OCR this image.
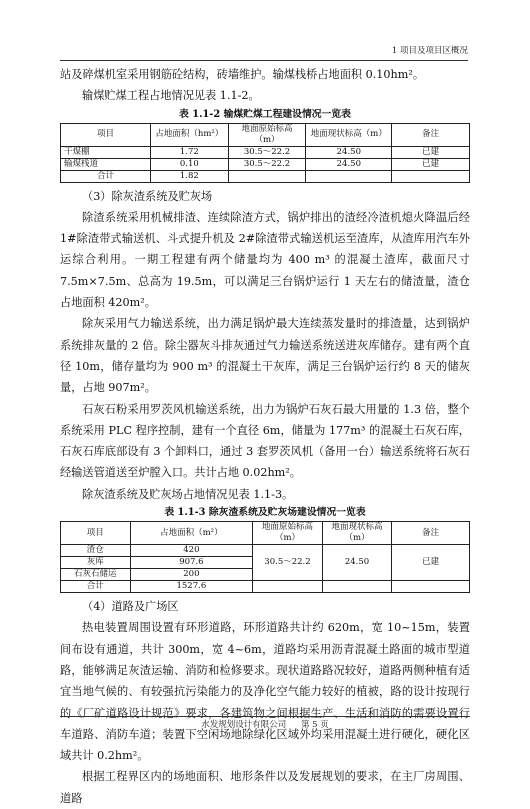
1 项目及项目区概况

站及碎煤机室采用钢筋砼结构，砖墙维护。输煤栈桥占地面积 0.10hm²。

输煤贮煤工程占地情况见表 1.1-2。

表 1.1-2 输煤贮煤工程建设情况一览表
项目	占地面积（hm²）	地面原始标高（m）	地面现状标高（m）	备注
干煤棚	1.72	30.5～22.2	24.50	已建
输煤栈道	0.10	30.5～22.2	24.50	已建
合计	1.82			

（3）除灰渣系统及贮灰场

除渣系统采用机械排渣、连续除渣方式，锅炉排出的渣经冷渣机熄火降温后经 1#除渣带式输送机、斗式提升机及 2#除渣带式输送机运至渣库，从渣库用汽车外运综合利用。一期工程建有两个储量均为 400 m³ 的混凝土渣库，截面尺寸 7.5m×7.5m、总高为 19.5m，可以满足三台锅炉运行 1 天左右的储渣量，渣仓占地面积 420m²。

除灰采用气力输送系统，出力满足锅炉最大连续蒸发量时的排渣量，达到锅炉系统排灰量的 2 倍。除尘器灰斗排灰通过气力输送系统送进灰库储存。建有两个直径 10m，储存量均为 900 m³ 的混凝土干灰库，满足三台锅炉运行约 8 天的储灰量，占地 907m²。

石灰石粉采用罗茨风机输送系统，出力为锅炉石灰石最大用量的 1.3 倍，整个系统采用 PLC 程序控制，建有一个直径 6m，储量为 177m³ 的混凝土石灰石库，石灰石库底部设有 3 个卸料口，通过 3 套罗茨风机（备用一台）输送系统将石灰石经输送管道送至炉膛入口。共计占地 0.02hm²。

除灰渣系统及贮灰场占地情况见表 1.1-3。

表 1.1-3 除灰渣系统及贮灰场建设情况一览表
项目	占地面积（m²）	地面原始标高（m）	地面现状标高（m）	备注
渣仓	420	30.5～22.2	24.50	已建
灰库	907.6			
石灰石储运	200			
合计	1527.6			

（4）道路及广场区

热电装置周围设置有环形道路，环形道路共计约 620m，宽 10~15m，装置间布设有通道，共计 300m，宽 4~6m，道路均采用沥青混凝土路面的城市型道路，能够满足灰渣运输、消防和检修要求。现状道路路况较好，道路两侧种植有适宜当地气候的、有较强抗污染能力的及净化空气能力较好的植被，路的设计按现行的《厂矿道路设计规范》要求，各建筑物之间根据生产、生活和消防的需要设置行车道路、消防车道；装置下空闲场地除绿化区域外均采用混凝土进行硬化，硬化区域共计 0.2hm²。

根据工程界区内的场地面积、地形条件以及发展规划的要求，在主厂房周围、道路

水发规划设计有限公司 第 5 页
